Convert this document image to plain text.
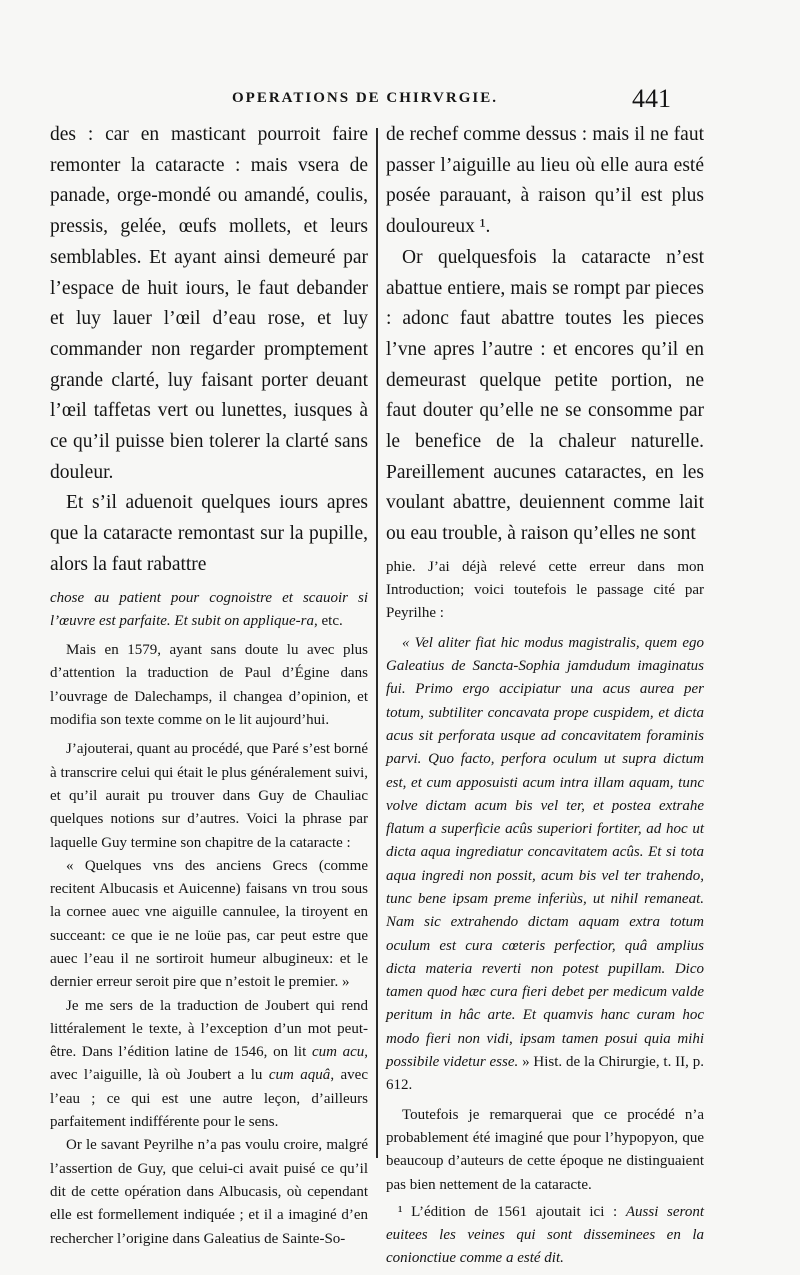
OPERATIONS DE CHIRVRGIE.	441

des : car en masticant pourroit faire remonter la cataracte : mais vsera de panade, orge-mondé ou amandé, coulis, pressis, gelée, œufs mollets, et leurs semblables. Et ayant ainsi demeuré par l’espace de huit iours, le faut debander et luy lauer l’œil d’eau rose, et luy commander non regarder promptement grande clarté, luy faisant porter deuant l’œil taffetas vert ou lunettes, iusques à ce qu’il puisse bien tolerer la clarté sans douleur.

Et s’il aduenoit quelques iours apres que la cataracte remontast sur la pupille, alors la faut rabattre

chose au patient pour cognoistre et scauoir si l’œuvre est parfaite. Et subit on applique-ra, etc.

Mais en 1579, ayant sans doute lu avec plus d’attention la traduction de Paul d’Égine dans l’ouvrage de Dalechamps, il changea d’opinion, et modifia son texte comme on le lit aujourd’hui.

J’ajouterai, quant au procédé, que Paré s’est borné à transcrire celui qui était le plus généralement suivi, et qu’il aurait pu trouver dans Guy de Chauliac quelques notions sur d’autres. Voici la phrase par laquelle Guy termine son chapitre de la cataracte :

« Quelques vns des anciens Grecs (comme recitent Albucasis et Auicenne) faisans vn trou sous la cornee auec vne aiguille cannulee, la tiroyent en succeant: ce que ie ne loüe pas, car peut estre que auec l’eau il ne sortiroit humeur albugineux: et le dernier erreur seroit pire que n’estoit le premier. »

Je me sers de la traduction de Joubert qui rend littéralement le texte, à l’exception d’un mot peut-être. Dans l’édition latine de 1546, on lit cum acu, avec l’aiguille, là où Joubert a lu cum aquâ, avec l’eau ; ce qui est une autre leçon, d’ailleurs parfaitement indifférente pour le sens.

Or le savant Peyrilhe n’a pas voulu croire, malgré l’assertion de Guy, que celui-ci avait puisé ce qu’il dit de cette opération dans Albucasis, où cependant elle est formellement indiquée ; et il a imaginé d’en rechercher l’origine dans Galeatius de Sainte-So-

de rechef comme dessus : mais il ne faut passer l’aiguille au lieu où elle aura esté posée parauant, à raison qu’il est plus douloureux ¹.

Or quelquesfois la cataracte n’est abattue entiere, mais se rompt par pieces : adonc faut abattre toutes les pieces l’vne apres l’autre : et encores qu’il en demeurast quelque petite portion, ne faut douter qu’elle ne se consomme par le benefice de la chaleur naturelle. Pareillement aucunes cataractes, en les voulant abattre, deuiennent comme lait ou eau trouble, à raison qu’elles ne sont

phie. J’ai déjà relevé cette erreur dans mon Introduction; voici toutefois le passage cité par Peyrilhe :

« Vel aliter fiat hic modus magistralis, quem ego Galeatius de Sancta-Sophia jamdudum imaginatus fui. Primo ergo accipiatur una acus aurea per totum, subtiliter concavata prope cuspidem, et dicta acus sit perforata usque ad concavitatem foraminis parvi. Quo facto, perfora oculum ut supra dictum est, et cum apposuisti acum intra illam aquam, tunc volve dictam acum bis vel ter, et postea extrahe flatum a superficie acûs superiori fortiter, ad hoc ut dicta aqua ingrediatur concavitatem acûs. Et si tota aqua ingredi non possit, acum bis vel ter trahendo, tunc bene ipsam preme inferiùs, ut nihil remaneat. Nam sic extrahendo dictam aquam extra totum oculum est cura cœteris perfectior, quâ amplius dicta materia reverti non potest pupillam. Dico tamen quod hæc cura fieri debet per medicum valde peritum in hâc arte. Et quamvis hanc curam hoc modo fieri non vidi, ipsam tamen posui quia mihi possibile videtur esse. » Hist. de la Chirurgie, t. II, p. 612.

Toutefois je remarquerai que ce procédé n’a probablement été imaginé que pour l’hypopyon, que beaucoup d’auteurs de cette époque ne distinguaient pas bien nettement de la cataracte.

¹ L’édition de 1561 ajoutait ici : Aussi seront euitees les veines qui sont disseminees en la conionctiue comme a esté dit.
